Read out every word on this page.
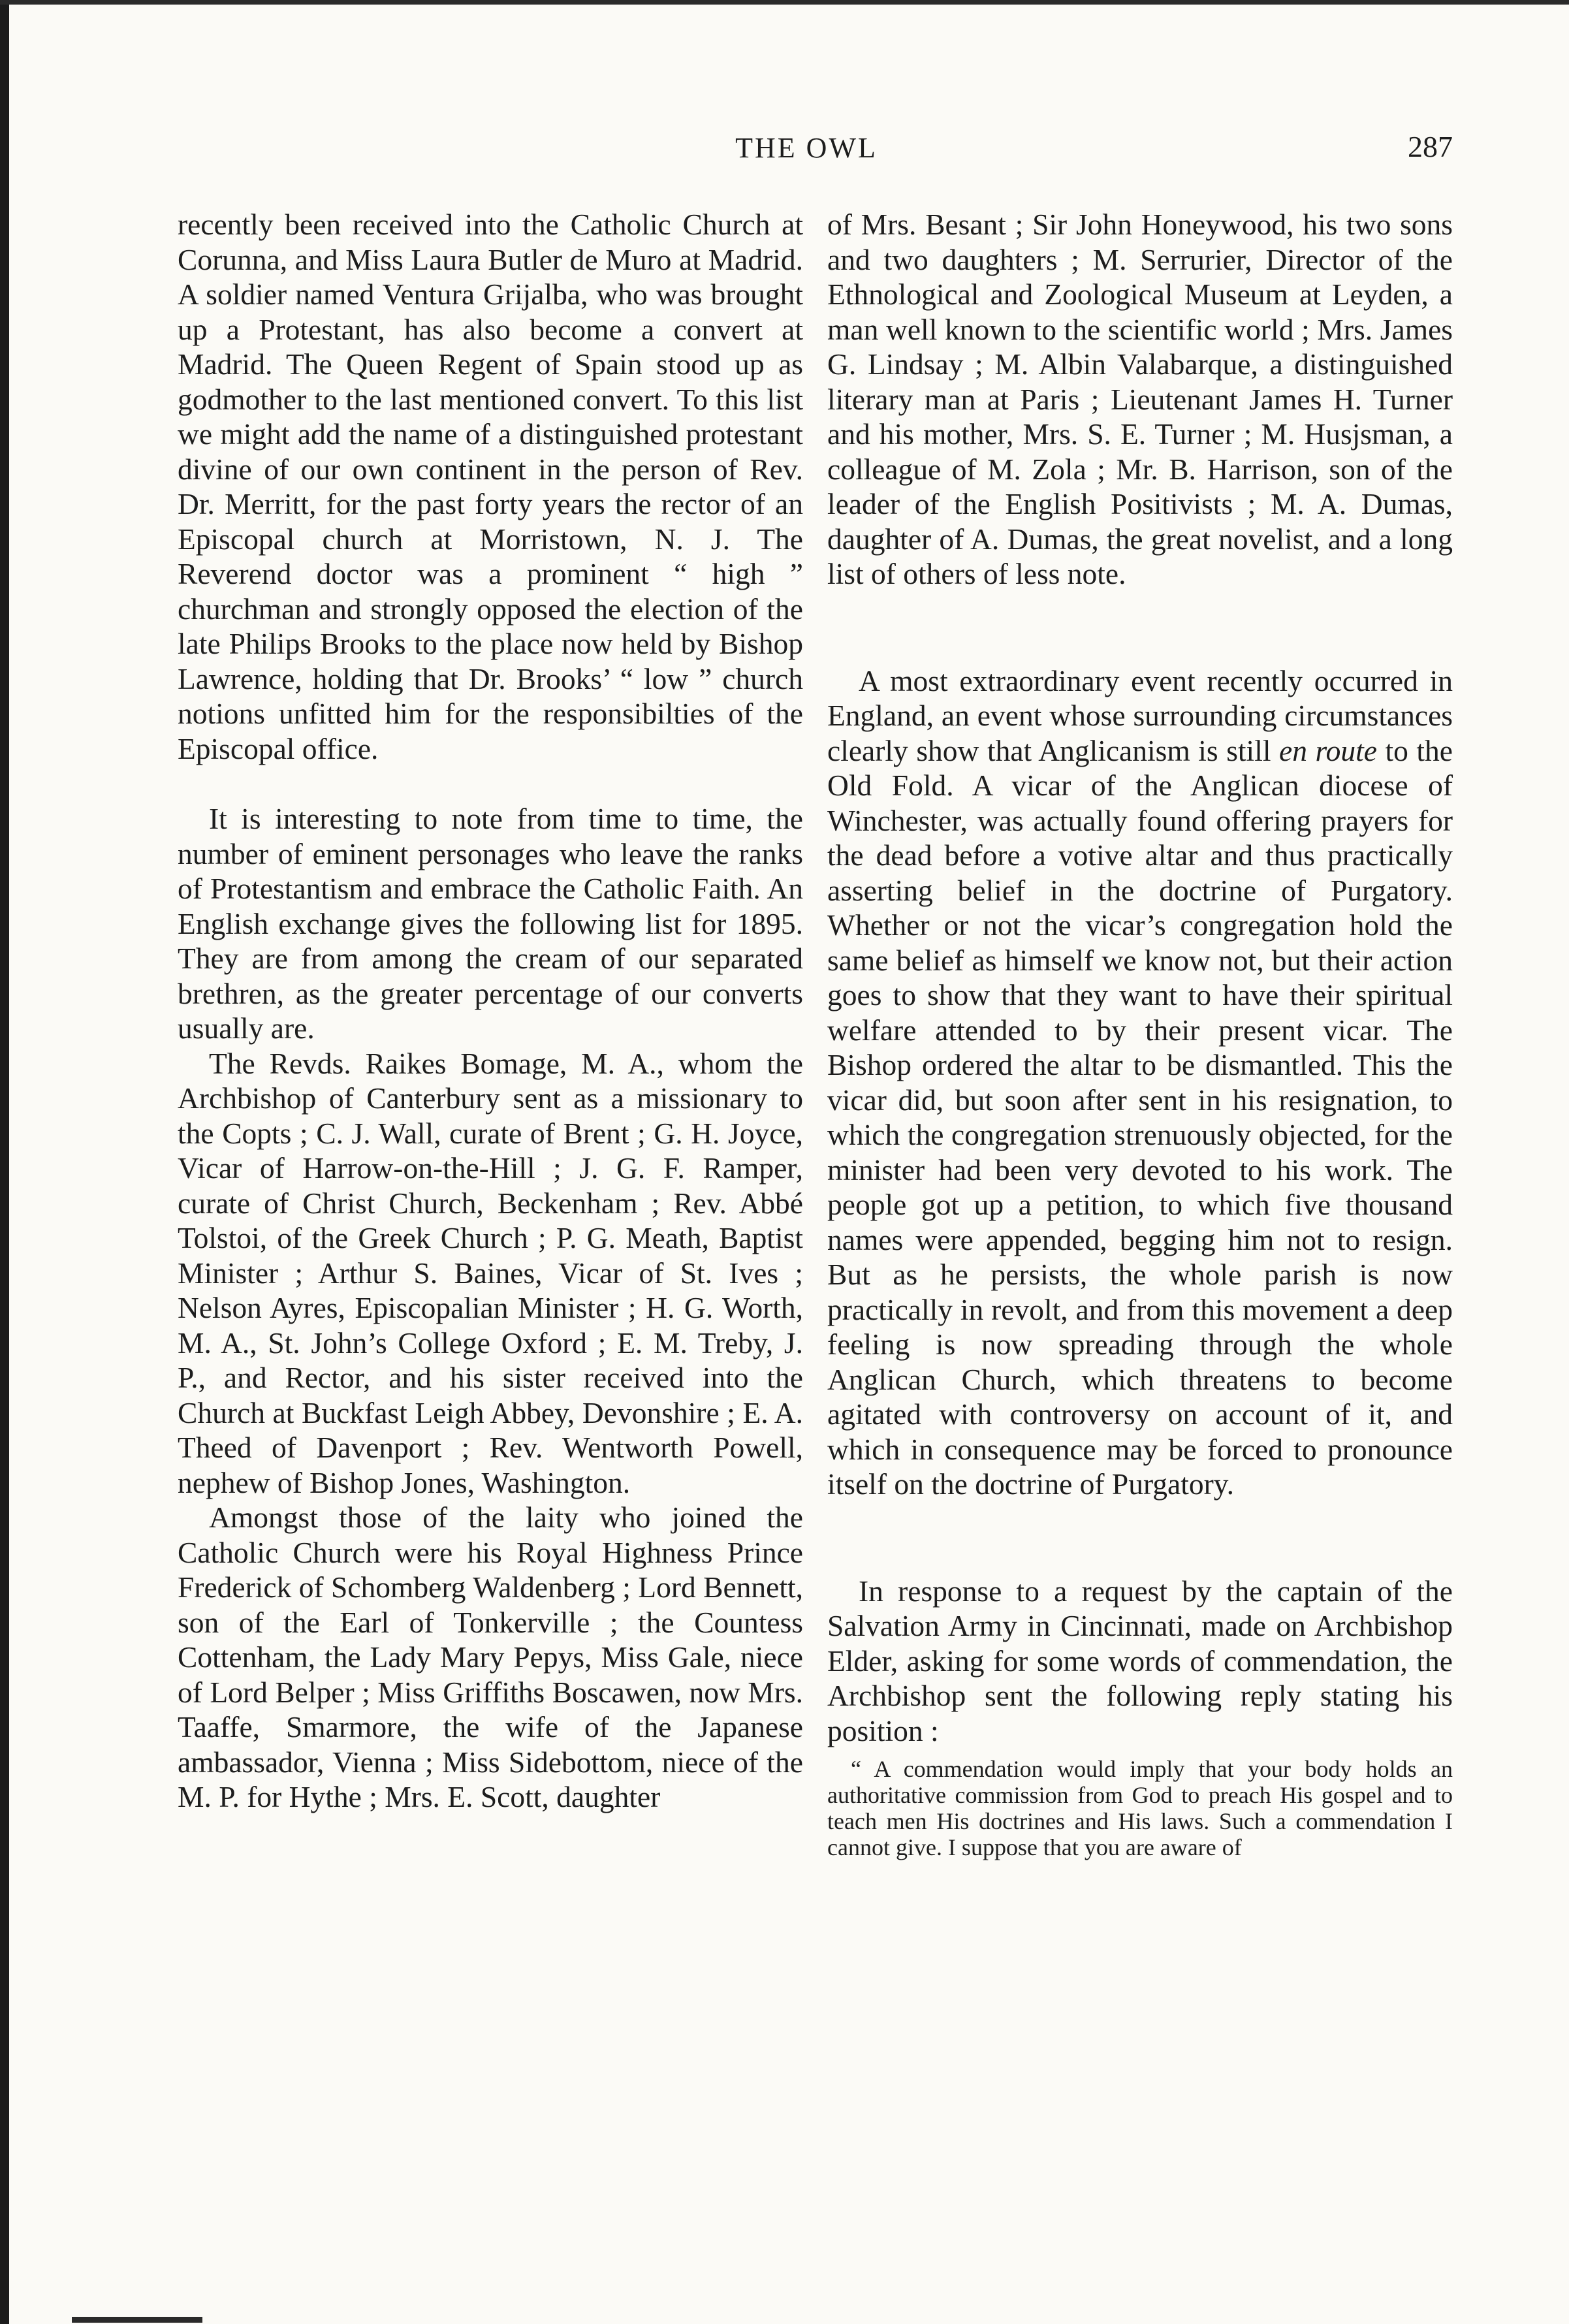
THE OWL	287

recently been received into the Catholic Church at Corunna, and Miss Laura Butler de Muro at Madrid. A soldier named Ventura Grijalba, who was brought up a Protestant, has also become a convert at Madrid. The Queen Regent of Spain stood up as godmother to the last mentioned convert. To this list we might add the name of a distinguished protestant divine of our own continent in the person of Rev. Dr. Merritt, for the past forty years the rector of an Episcopal church at Morristown, N. J. The Reverend doctor was a prominent “ high ” churchman and strongly opposed the election of the late Philips Brooks to the place now held by Bishop Lawrence, holding that Dr. Brooks’ “ low ” church notions unfitted him for the responsibilties of the Episcopal office.

It is interesting to note from time to time, the number of eminent personages who leave the ranks of Protestantism and embrace the Catholic Faith. An English exchange gives the following list for 1895. They are from among the cream of our separated brethren, as the greater percentage of our converts usually are.

The Revds. Raikes Bomage, M. A., whom the Archbishop of Canterbury sent as a missionary to the Copts ; C. J. Wall, curate of Brent ; G. H. Joyce, Vicar of Harrow-on-the-Hill ; J. G. F. Ramper, curate of Christ Church, Beckenham ; Rev. Abbé Tolstoi, of the Greek Church ; P. G. Meath, Baptist Minister ; Arthur S. Baines, Vicar of St. Ives ; Nelson Ayres, Episcopalian Minister ; H. G. Worth, M. A., St. John’s College Oxford ; E. M. Treby, J. P., and Rector, and his sister received into the Church at Buckfast Leigh Abbey, Devonshire ; E. A. Theed of Davenport ; Rev. Wentworth Powell, nephew of Bishop Jones, Washington.

Amongst those of the laity who joined the Catholic Church were his Royal Highness Prince Frederick of Schomberg Waldenberg ; Lord Bennett, son of the Earl of Tonkerville ; the Countess Cottenham, the Lady Mary Pepys, Miss Gale, niece of Lord Belper ; Miss Griffiths Boscawen, now Mrs. Taaffe, Smarmore, the wife of the Japanese ambassador, Vienna ; Miss Sidebottom, niece of the M. P. for Hythe ; Mrs. E. Scott, daughter

of Mrs. Besant ; Sir John Honeywood, his two sons and two daughters ; M. Serrurier, Director of the Ethnological and Zoological Museum at Leyden, a man well known to the scientific world ; Mrs. James G. Lindsay ; M. Albin Valabarque, a distinguished literary man at Paris ; Lieutenant James H. Turner and his mother, Mrs. S. E. Turner ; M. Husjsman, a colleague of M. Zola ; Mr. B. Harrison, son of the leader of the English Positivists ; M. A. Dumas, daughter of A. Dumas, the great novelist, and a long list of others of less note.

A most extraordinary event recently occurred in England, an event whose surrounding circumstances clearly show that Anglicanism is still en route to the Old Fold. A vicar of the Anglican diocese of Winchester, was actually found offering prayers for the dead before a votive altar and thus practically asserting belief in the doctrine of Purgatory. Whether or not the vicar’s congregation hold the same belief as himself we know not, but their action goes to show that they want to have their spiritual welfare attended to by their present vicar. The Bishop ordered the altar to be dismantled. This the vicar did, but soon after sent in his resignation, to which the congregation strenuously objected, for the minister had been very devoted to his work. The people got up a petition, to which five thousand names were appended, begging him not to resign. But as he persists, the whole parish is now practically in revolt, and from this movement a deep feeling is now spreading through the whole Anglican Church, which threatens to become agitated with controversy on account of it, and which in consequence may be forced to pronounce itself on the doctrine of Purgatory.

In response to a request by the captain of the Salvation Army in Cincinnati, made on Archbishop Elder, asking for some words of commendation, the Archbishop sent the following reply stating his position :

“ A commendation would imply that your body holds an authoritative commission from God to preach His gospel and to teach men His doctrines and His laws. Such a commendation I cannot give. I suppose that you are aware of
